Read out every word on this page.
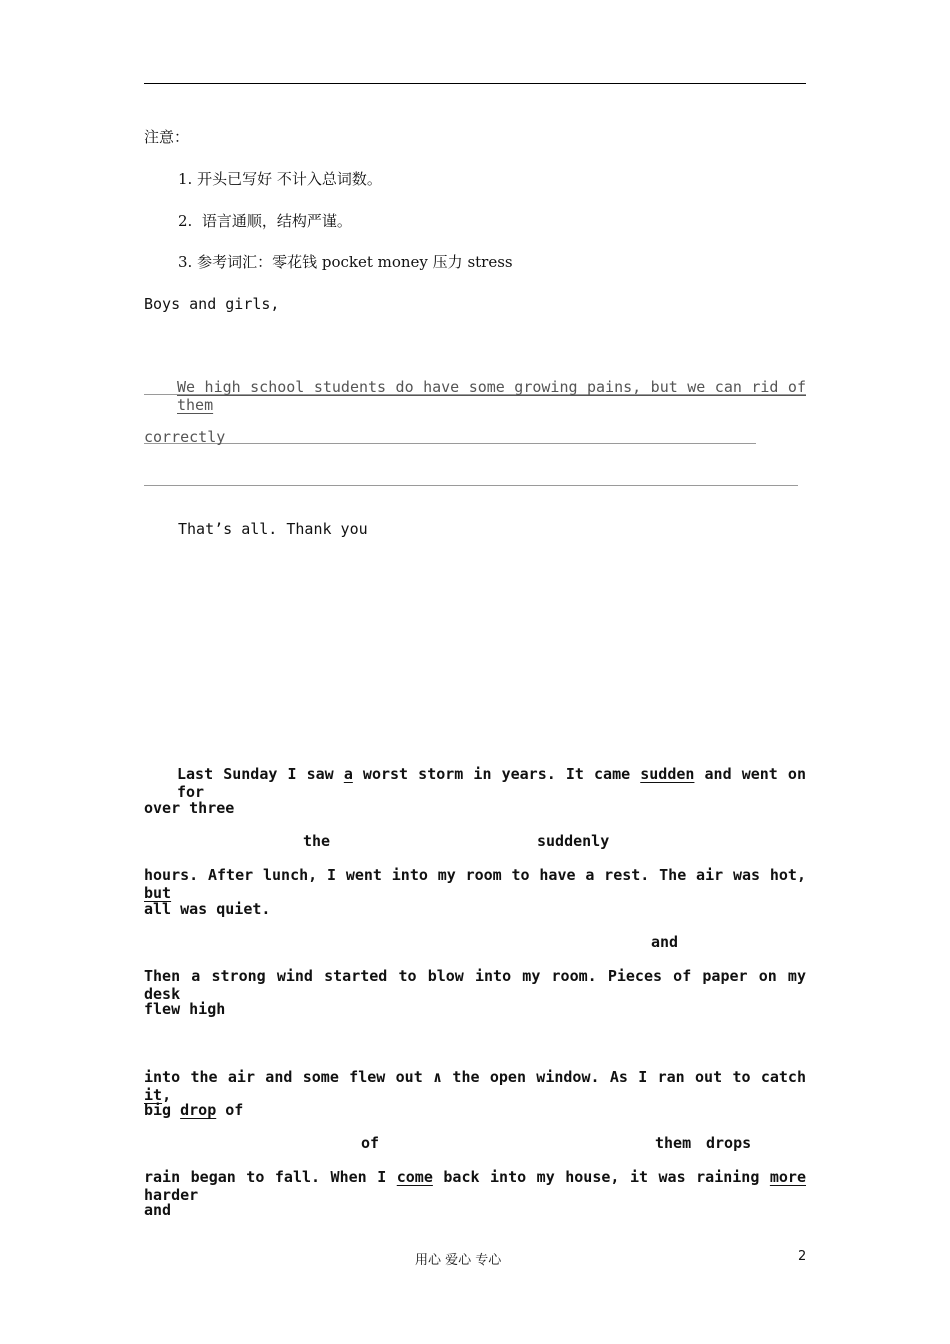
注意：
1. 开头已写好 不计入总词数。
2.  语言通顺，结构严谨。
3. 参考词汇：零花钱 pocket money 压力 stress
Boys and girls,
We high school students do have some growing pains, but we can rid of them
correctly
That’s all. Thank you
Last Sunday I saw a worst storm in years. It came sudden and went on for
over three
the	suddenly
hours. After lunch, I went into my room to have a rest. The air was hot, but
all was quiet.
and
Then a strong wind started to blow into my room. Pieces of paper on my desk
flew high
into the air and some flew out ∧ the open window. As I ran out to catch it,
big drop of
of	them drops
rain began to fall. When I come back into my house, it was raining more harder
and
用心 爱心 专心	2
